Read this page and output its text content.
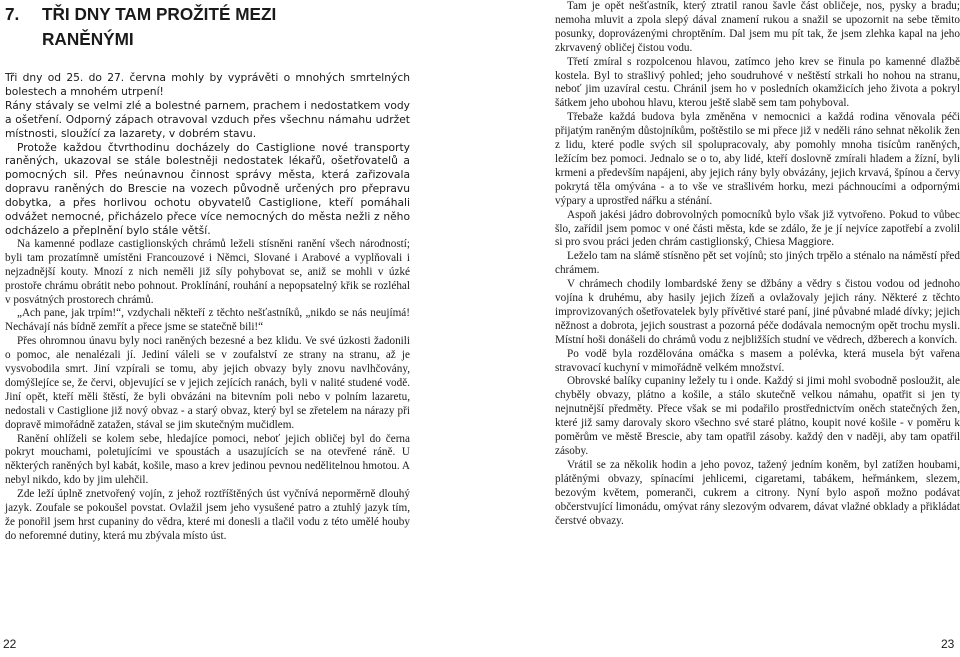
7. TŘI DNY TAM PROŽITÉ MEZI
RANĚNÝMI

Tři dny od 25. do 27. června mohly by vyprávěti o mnohých smrtelných bolestech a mnohém utrpení!
Rány stávaly se velmi zlé a bolestné parnem, prachem i nedostatkem vody a ošetření. Odporný zápach otravoval vzduch přes všechnu námahu udržet místnosti, sloužící za lazarety, v dobrém stavu.

Protože každou čtvrthodinu docházely do Castiglione nové transporty raněných, ukazoval se stále bolestněji nedostatek lékařů, ošetřovatelů a pomocných sil. Přes neúnavnou činnost správy města, která zařizovala dopravu raněných do Brescie na vozech původně určených pro přepravu dobytka, a přes horlivou ochotu obyvatelů Castiglione, kteří pomáhali odvážet nemocné, přicházelo přece více nemocných do města nežli z něho odcházelo a přeplnění bylo stále větší.

Na kamenné podlaze castiglionských chrámů leželi stísněni ranění všech národností; byli tam prozatímně umístěni Francouzové i Němci, Slované i Arabové a vyplňovali i nejzadnější kouty. Mnozí z nich neměli již síly pohybovat se, aniž se mohli v úzké prostoře chrámu obrátit nebo pohnout. Proklínání, rouhání a nepopsatelný křik se rozléhal v posvátných prostorech chrámů.

„Ach pane, jak trpím!“, vzdychali někteří z těchto nešťastníků, „nikdo se nás neujímá! Nechávají nás bídně zemřít a přece jsme se statečně bili!“

Přes ohromnou únavu byly noci raněných bezesné a bez klidu. Ve své úzkosti žadonili o pomoc, ale nenalézali jí. Jediní váleli se v zoufalství ze strany na stranu, až je vysvobodila smrt. Jiní vzpírali se tomu, aby jejich obvazy byly znovu navlhčovány, domýšlejíce se, že červi, objevující se v jejich zejících ranách, byli v nalité studené vodě. Jiní opět, kteří měli štěstí, že byli obvázáni na bitevním poli nebo v polním lazaretu, nedostali v Castiglione již nový obvaz - a starý obvaz, který byl se zřetelem na nárazy při dopravě mimořádně zatažen, stával se jim skutečným mučidlem.

Ranění ohlíželi se kolem sebe, hledajíce pomoci, neboť jejich obličej byl do černa pokryt mouchami, poletujícími ve spoustách a usazujících se na otevřené ráně. U některých raněných byl kabát, košile, maso a krev jedinou pevnou nedělitelnou hmotou. A nebyl nikdo, kdo by jim ulehčil.

Zde leží úplně znetvořený vojín, z jehož roztříštěných úst vyčnívá neporměrně dlouhý jazyk. Zoufale se pokoušel povstat. Ovlažil jsem jeho vysušené patro a ztuhlý jazyk tím, že ponořil jsem hrst cupaniny do vědra, které mi donesli a tlačil vodu z této umělé houby do neforemné dutiny, která mu zbývala místo úst.

Tam je opět nešťastník, který ztratil ranou šavle část obličeje, nos, pysky a bradu; nemoha mluvit a zpola slepý dával znamení rukou a snažil se upozornit na sebe těmito posunky, doprovázenými chroptěním. Dal jsem mu pít tak, že jsem zlehka kapal na jeho zkrvavený obličej čistou vodu.

Třetí zmíral s rozpolcenou hlavou, zatímco jeho krev se řinula po kamenné dlažbě kostela. Byl to strašlivý pohled; jeho soudruhové v neštěstí strkali ho nohou na stranu, neboť jim uzavíral cestu. Chránil jsem ho v posledních okamžicích jeho života a pokryl šátkem jeho ubohou hlavu, kterou ještě slabě sem tam pohyboval.

Třebaže každá budova byla změněna v nemocnici a každá rodina věnovala péči přijatým raněným důstojníkům, poštěstilo se mi přece již v neděli ráno sehnat několik žen z lidu, které podle svých sil spolupracovaly, aby pomohly mnoha tisícům raněných, ležícím bez pomoci. Jednalo se o to, aby lidé, kteří doslovně zmírali hladem a žízní, byli krmeni a především napájeni, aby jejich rány byly obvázány, jejich krvavá, špínou a červy pokrytá těla omývána - a to vše ve strašlivém horku, mezi páchnoucími a odpornými výpary a uprostřed nářku a sténání.

Aspoň jakési jádro dobrovolných pomocníků bylo však již vytvořeno. Pokud to vůbec šlo, zařídil jsem pomoc v oné části města, kde se zdálo, že je jí nejvíce zapotřebí a zvolil si pro svou práci jeden chrám castiglionský, Chiesa Maggiore.

Leželo tam na slámě stísněno pět set vojínů; sto jiných trpělo a sténalo na náměstí před chrámem.

V chrámech chodily lombardské ženy se džbány a vědry s čistou vodou od jednoho vojína k druhému, aby hasily jejich žízeň a ovlažovaly jejich rány. Některé z těchto improvizovaných ošetřovatelek byly přívětivé staré paní, jiné půvabné mladé dívky; jejich něžnost a dobrota, jejich soustrast a pozorná péče dodávala nemocným opět trochu mysli. Místní hoši donášeli do chrámů vodu z nejbližších studní ve vědrech, džberech a konvích.

Po vodě byla rozdělována omáčka s masem a polévka, která musela být vařena stravovací kuchyní v mimořádně velkém množství.

Obrovské balíky cupaniny ležely tu i onde. Každý si jimi mohl svobodně posloužit, ale chyběly obvazy, plátno a košile, a stálo skutečně velkou námahu, opatřit si jen ty nejnutnější předměty. Přece však se mi podařilo prostřednictvím oněch statečných žen, které již samy darovaly skoro všechno své staré plátno, koupit nové košile - v poměru k poměrům ve městě Brescie, aby tam opatřil zásoby. každý den v naději, aby tam opatřil zásoby.

Vrátil se za několik hodin a jeho povoz, tažený jedním koněm, byl zatížen houbami, plátěnými obvazy, spínacími jehlicemi, cigaretami, tabákem, heřmánkem, slezem, bezovým květem, pomeranči, cukrem a citrony. Nyní bylo aspoň možno podávat občerstvující limonádu, omývat rány slezovým odvarem, dávat vlažné obklady a přikládat čerstvé obvazy.

22	23
